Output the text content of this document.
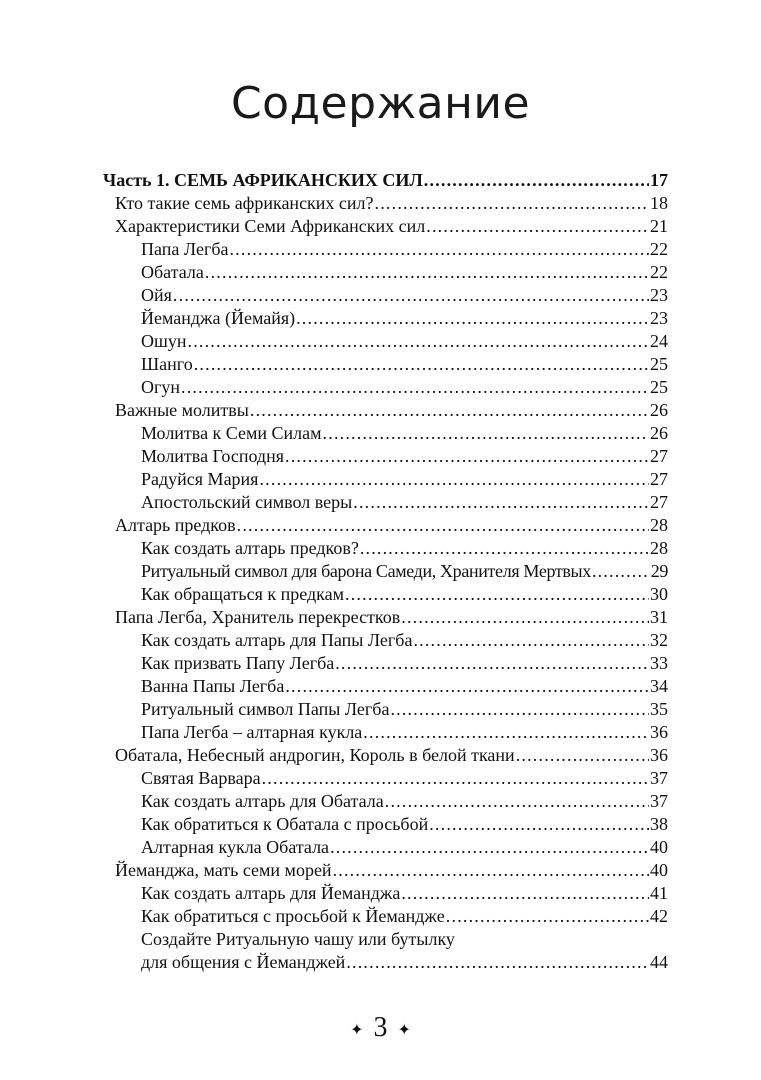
Содержание
Часть 1. СЕМЬ АФРИКАНСКИХ СИЛ .....	17
Кто такие семь африканских сил? .....	18
Характеристики Семи Африканских сил .....	21
Папа Легба .....	22
Обатала .....	22
Ойя .....	23
Йеманджа (Йемайя) .....	23
Ошун .....	24
Шанго .....	25
Огун .....	25
Важные молитвы .....	26
Молитва к Семи Силам .....	26
Молитва Господня .....	27
Радуйся Мария .....	27
Апостольский символ веры .....	27
Алтарь предков .....	28
Как создать алтарь предков? .....	28
Ритуальный символ для барона Самеди, Хранителя Мертвых .....	29
Как обращаться к предкам .....	30
Папа Легба, Хранитель перекрестков .....	31
Как создать алтарь для Папы Легба .....	32
Как призвать Папу Легба .....	33
Ванна Папы Легба .....	34
Ритуальный символ Папы Легба .....	35
Папа Легба – алтарная кукла .....	36
Обатала, Небесный андрогин, Король в белой ткани .....	36
Святая Варвара .....	37
Как создать алтарь для Обатала .....	37
Как обратиться к Обатала с просьбой .....	38
Алтарная кукла Обатала .....	40
Йеманджа, мать семи морей .....	40
Как создать алтарь для Йеманджа .....	41
Как обратиться с просьбой к Йеманджe .....	42
Создайте Ритуальную чашу или бутылку
для общения с Йеманджей .....	44
✦ 3 ✦
